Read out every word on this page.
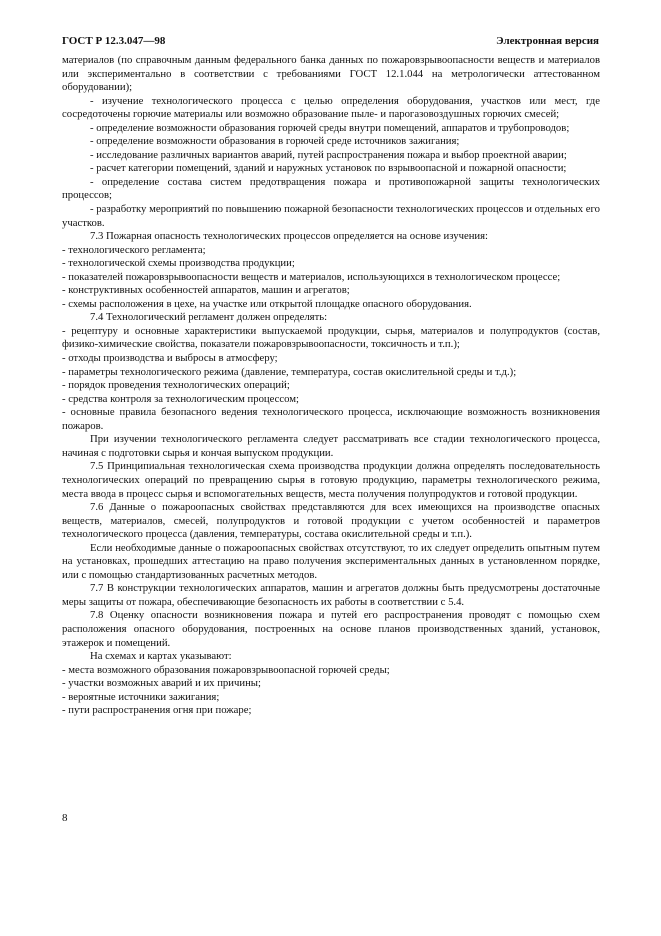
ГОСТ Р 12.3.047—98	Электронная версия

материалов (по справочным данным федерального банка данных по пожаровзрывоопасности веществ и материалов или экспериментально в соответствии с требованиями ГОСТ 12.1.044 на метрологически аттестованном оборудовании);

- изучение технологического процесса с целью определения оборудования, участков или мест, где сосредоточены горючие материалы или возможно образование пыле- и парогазовоздушных горючих смесей;

- определение возможности образования горючей среды внутри помещений, аппаратов и трубопроводов;

- определение возможности образования в горючей среде источников зажигания;

- исследование различных вариантов аварий, путей распространения пожара и выбор проектной аварии;

- расчет категории помещений, зданий и наружных установок по взрывоопасной и пожарной опасности;

- определение состава систем предотвращения пожара и противопожарной защиты технологических процессов;

- разработку мероприятий по повышению пожарной безопасности технологических процессов и отдельных его участков.

7.3 Пожарная опасность технологических процессов определяется на основе изучения:

- технологического регламента;

- технологической схемы производства продукции;

- показателей пожаровзрывоопасности веществ и материалов, использующихся в технологическом процессе;

- конструктивных особенностей аппаратов, машин и агрегатов;

- схемы расположения в цехе, на участке или открытой площадке опасного оборудования.

7.4 Технологический регламент должен определять:

- рецептуру и основные характеристики выпускаемой продукции, сырья, материалов и полупродуктов (состав, физико-химические свойства, показатели пожаровзрывоопасности, токсичность и т.п.);

- отходы производства и выбросы в атмосферу;

- параметры технологического режима (давление, температура, состав окислительной среды и т.д.);

- порядок проведения технологических операций;

- средства контроля за технологическим процессом;

- основные правила безопасного ведения технологического процесса, исключающие возможность возникновения пожаров.

При изучении технологического регламента следует рассматривать все стадии технологического процесса, начиная с подготовки сырья и кончая выпуском продукции.

7.5 Принципиальная технологическая схема производства продукции должна определять последовательность технологических операций по превращению сырья в готовую продукцию, параметры технологического режима, места ввода в процесс сырья и вспомогательных веществ, места получения полупродуктов и готовой продукции.

7.6 Данные о пожароопасных свойствах представляются для всех имеющихся на производстве опасных веществ, материалов, смесей, полупродуктов и готовой продукции с учетом особенностей и параметров технологического процесса (давления, температуры, состава окислительной среды и т.п.).

Если необходимые данные о пожароопасных свойствах отсутствуют, то их следует определить опытным путем на установках, прошедших аттестацию на право получения экспериментальных данных в установленном порядке, или с помощью стандартизованных расчетных методов.

7.7 В конструкции технологических аппаратов, машин и агрегатов должны быть предусмотрены достаточные меры защиты от пожара, обеспечивающие безопасность их работы в соответствии с 5.4.

7.8 Оценку опасности возникновения пожара и путей его распространения проводят с помощью схем расположения опасного оборудования, построенных на основе планов производственных зданий, установок, этажерок и помещений.

На схемах и картах указывают:

- места возможного образования пожаровзрывоопасной горючей среды;

- участки возможных аварий и их причины;

- вероятные источники зажигания;

- пути распространения огня при пожаре;

8
